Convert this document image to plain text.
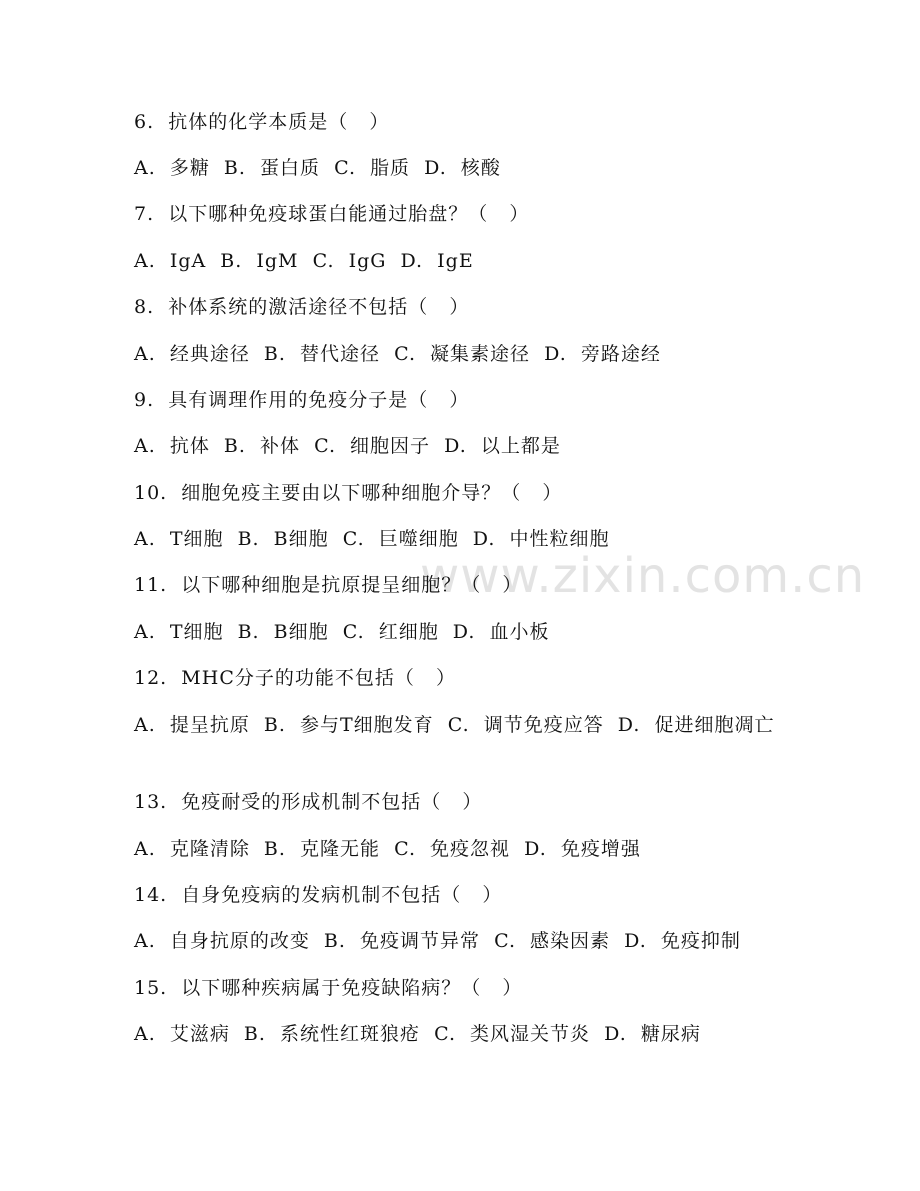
www.zixin.com.cn
6.  抗体的化学本质是（   ）
A.  多糖  B.  蛋白质  C.  脂质  D.  核酸
7.  以下哪种免疫球蛋白能通过胎盘？（   ）
A.  IgA  B.  IgM  C.  IgG  D.  IgE
8.  补体系统的激活途径不包括（   ）
A.  经典途径  B.  替代途径  C.  凝集素途径  D.  旁路途经
9.  具有调理作用的免疫分子是（   ）
A.  抗体  B.  补体  C.  细胞因子  D.  以上都是
10.  细胞免疫主要由以下哪种细胞介导？（   ）
A.  T细胞  B.  B细胞  C.  巨噬细胞  D.  中性粒细胞
11.  以下哪种细胞是抗原提呈细胞？（   ）
A.  T细胞  B.  B细胞  C.  红细胞  D.  血小板
12.  MHC分子的功能不包括（   ）
A.  提呈抗原  B.  参与T细胞发育  C.  调节免疫应答  D.  促进细胞凋亡
13.  免疫耐受的形成机制不包括（   ）
A.  克隆清除  B.  克隆无能  C.  免疫忽视  D.  免疫增强
14.  自身免疫病的发病机制不包括（   ）
A.  自身抗原的改变  B.  免疫调节异常  C.  感染因素  D.  免疫抑制
15.  以下哪种疾病属于免疫缺陷病？（   ）
A.  艾滋病  B.  系统性红斑狼疮  C.  类风湿关节炎  D.  糖尿病
